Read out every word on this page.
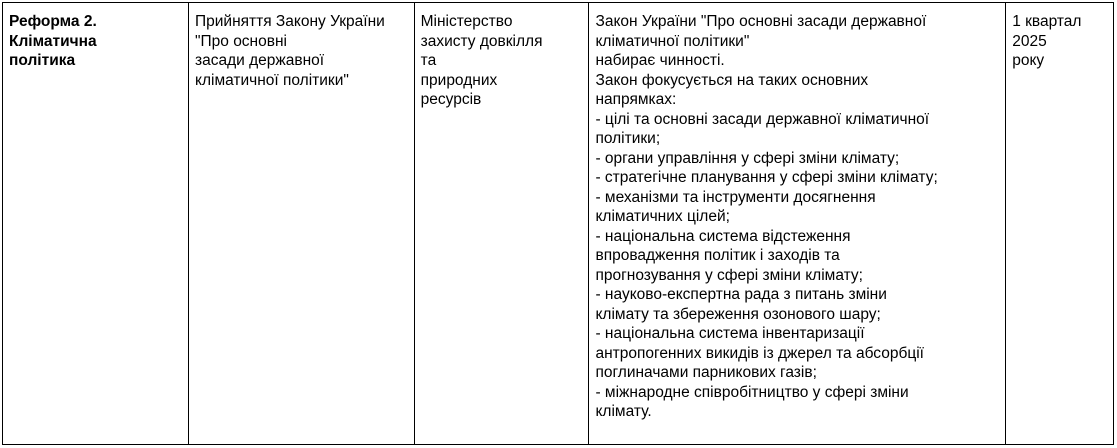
Реформа 2.
Кліматична
політика

Прийняття Закону України
"Про основні
засади державної
кліматичної політики"

Міністерство
захисту довкілля
та
природних
ресурсів

Закон України "Про основні засади державної
кліматичної політики"
набирає чинності.
Закон фокусується на таких основних
напрямках:
- цілі та основні засади державної кліматичної
політики;
- органи управління у сфері зміни клімату;
- стратегічне планування у сфері зміни клімату;
- механізми та інструменти досягнення
кліматичних цілей;
- національна система відстеження
впровадження політик і заходів та
прогнозування у сфері зміни клімату;
- науково-експертна рада з питань зміни
клімату та збереження озонового шару;
- національна система інвентаризації
антропогенних викидів із джерел та абсорбції
поглиначами парникових газів;
- міжнародне співробітництво у сфері зміни
клімату.

1 квартал
2025
року
